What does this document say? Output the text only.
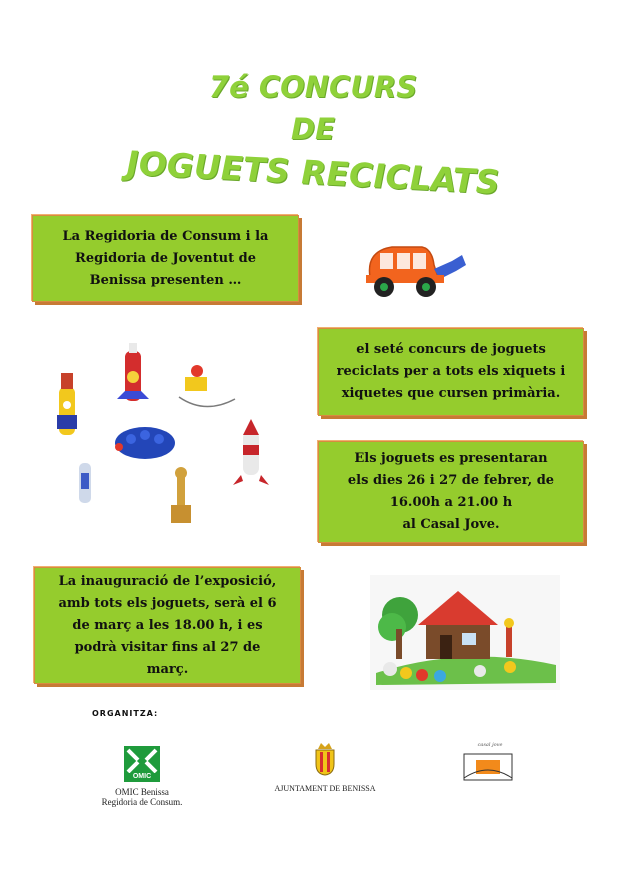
7é CONCURS
DE
JOGUETS RECICLATS
La Regidoria de Consum i la
Regidoria de Joventut de
Benissa presenten …
el seté concurs de joguets
reciclats per a tots els xiquets i
xiquetes que cursen primària.
Els joguets es presentaran
els dies 26 i 27 de febrer, de
16.00h a 21.00 h
al Casal Jove.
La inauguració de l’exposició,
amb tots els joguets, serà el 6
de març a les 18.00 h, i es
podrà visitar fins al 27 de
març.
ORGANITZA:
OMIC
OMIC Benissa
Regidoria de Consum.
AJUNTAMENT DE BENISSA
casal jove
